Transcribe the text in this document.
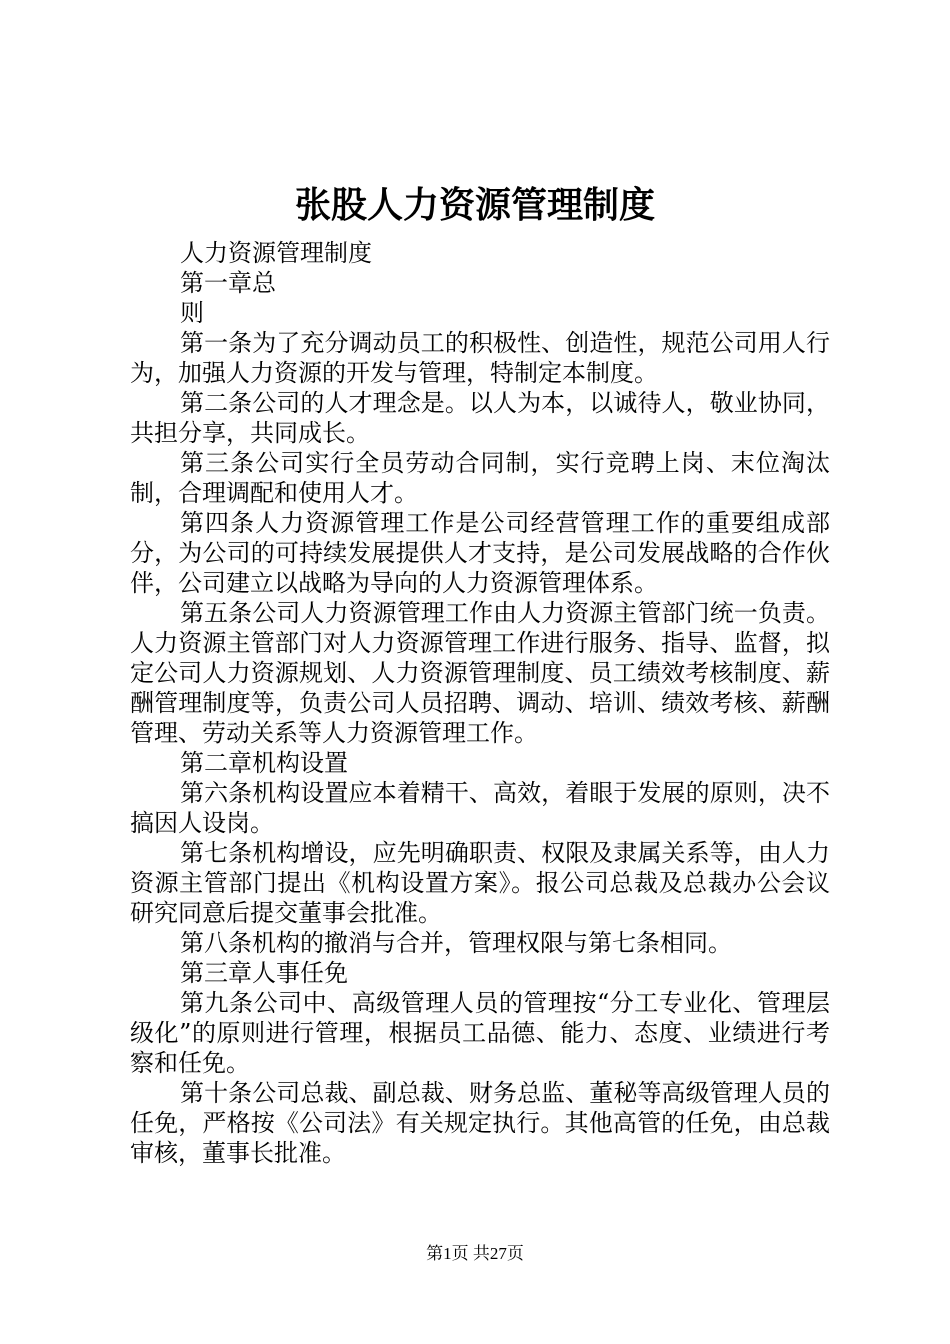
张股人力资源管理制度

人力资源管理制度

第一章总

则

第一条为了充分调动员工的积极性、创造性，规范公司用人行为，加强人力资源的开发与管理，特制定本制度。

第二条公司的人才理念是。以人为本，以诚待人，敬业协同，共担分享，共同成长。

第三条公司实行全员劳动合同制，实行竞聘上岗、末位淘汰制，合理调配和使用人才。

第四条人力资源管理工作是公司经营管理工作的重要组成部分，为公司的可持续发展提供人才支持，是公司发展战略的合作伙伴，公司建立以战略为导向的人力资源管理体系。

第五条公司人力资源管理工作由人力资源主管部门统一负责。人力资源主管部门对人力资源管理工作进行服务、指导、监督，拟定公司人力资源规划、人力资源管理制度、员工绩效考核制度、薪酬管理制度等，负责公司人员招聘、调动、培训、绩效考核、薪酬管理、劳动关系等人力资源管理工作。

第二章机构设置

第六条机构设置应本着精干、高效，着眼于发展的原则，决不搞因人设岗。

第七条机构增设，应先明确职责、权限及隶属关系等，由人力资源主管部门提出《机构设置方案》。报公司总裁及总裁办公会议研究同意后提交董事会批准。

第八条机构的撤消与合并，管理权限与第七条相同。

第三章人事任免

第九条公司中、高级管理人员的管理按“分工专业化、管理层级化”的原则进行管理，根据员工品德、能力、态度、业绩进行考察和任免。

第十条公司总裁、副总裁、财务总监、董秘等高级管理人员的任免，严格按《公司法》有关规定执行。其他高管的任免，由总裁审核，董事长批准。

第1页 共27页
